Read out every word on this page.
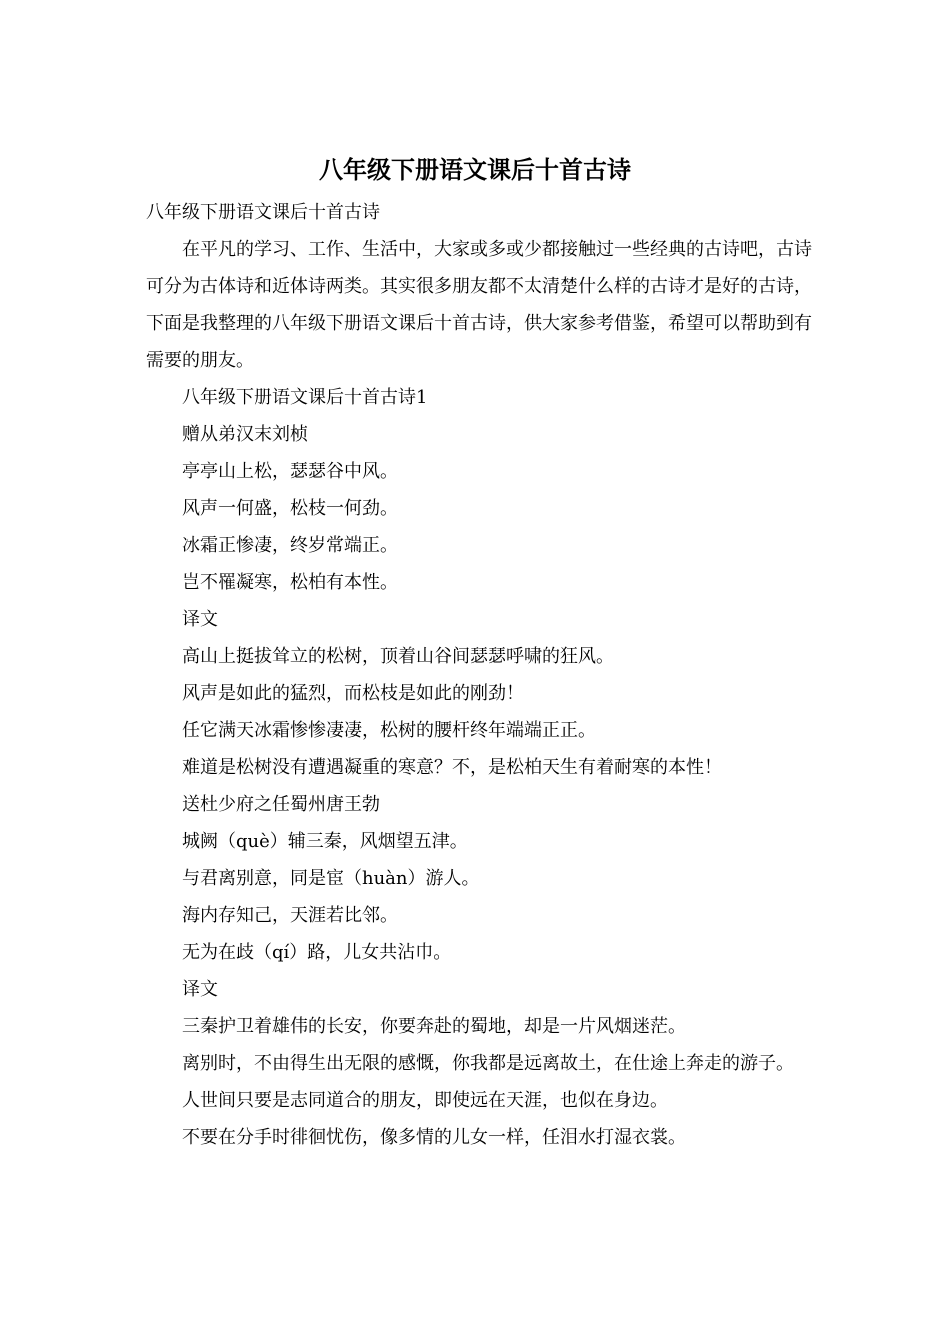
八年级下册语文课后十首古诗

八年级下册语文课后十首古诗

在平凡的学习、工作、生活中，大家或多或少都接触过一些经典的古诗吧，古诗可分为古体诗和近体诗两类。其实很多朋友都不太清楚什么样的古诗才是好的古诗，下面是我整理的八年级下册语文课后十首古诗，供大家参考借鉴，希望可以帮助到有需要的朋友。

八年级下册语文课后十首古诗1

赠从弟汉末刘桢

亭亭山上松，瑟瑟谷中风。

风声一何盛，松枝一何劲。

冰霜正惨凄，终岁常端正。

岂不罹凝寒，松柏有本性。

译文

高山上挺拔耸立的松树，顶着山谷间瑟瑟呼啸的狂风。

风声是如此的猛烈，而松枝是如此的刚劲！

任它满天冰霜惨惨凄凄，松树的腰杆终年端端正正。

难道是松树没有遭遇凝重的寒意？不，是松柏天生有着耐寒的本性！

送杜少府之任蜀州唐王勃

城阙（què）辅三秦，风烟望五津。

与君离别意，同是宦（huàn）游人。

海内存知己，天涯若比邻。

无为在歧（qí）路，儿女共沾巾。

译文

三秦护卫着雄伟的长安，你要奔赴的蜀地，却是一片风烟迷茫。

离别时，不由得生出无限的感慨，你我都是远离故土，在仕途上奔走的游子。

人世间只要是志同道合的朋友，即使远在天涯，也似在身边。

不要在分手时徘徊忧伤，像多情的儿女一样，任泪水打湿衣裳。
